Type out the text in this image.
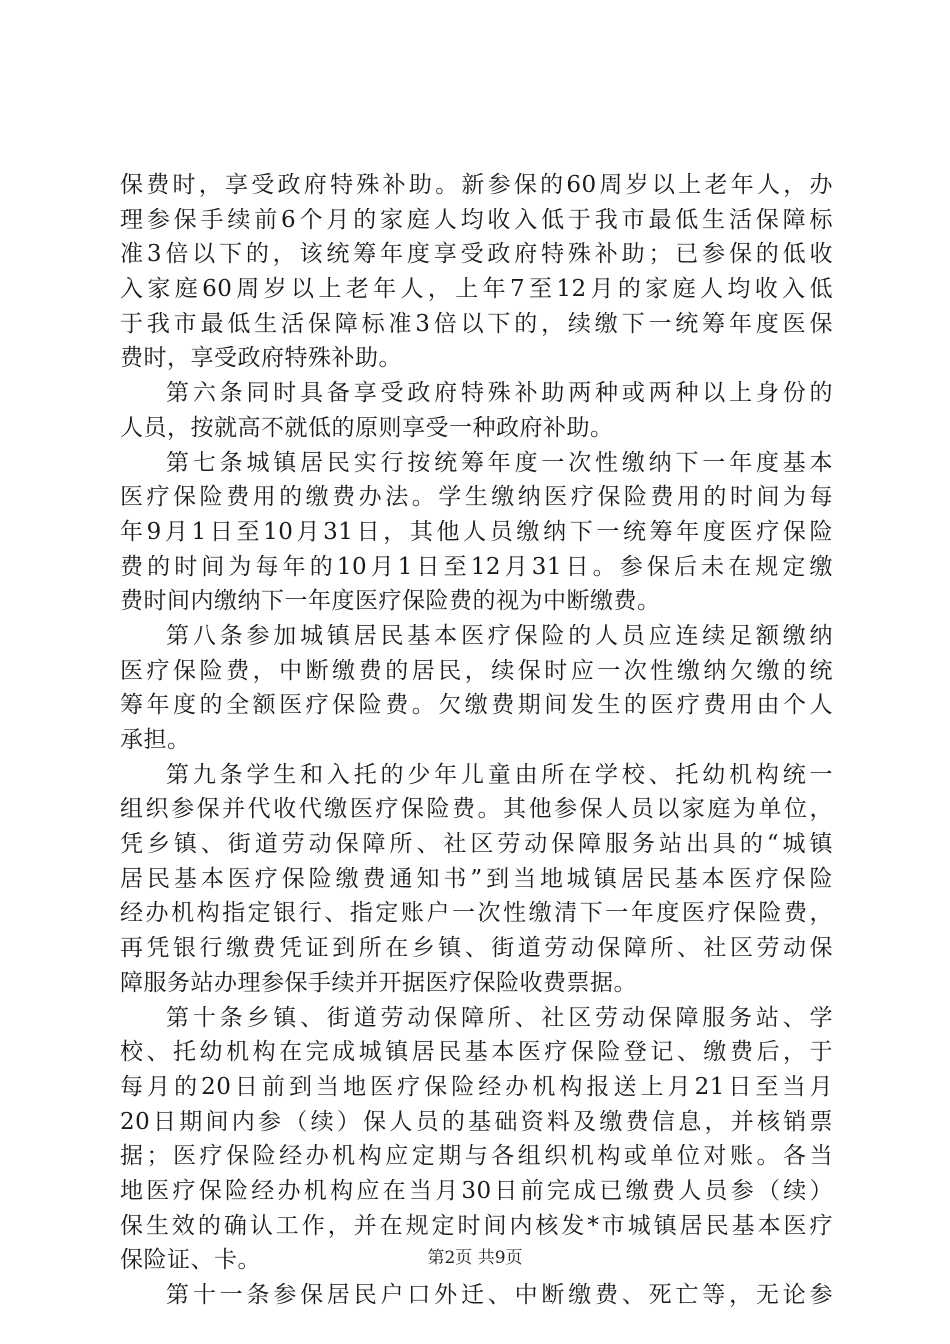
保费时，享受政府特殊补助。新参保的60周岁以上老年人，办
理参保手续前6个月的家庭人均收入低于我市最低生活保障标
准3倍以下的，该统筹年度享受政府特殊补助；已参保的低收
入家庭60周岁以上老年人，上年7至12月的家庭人均收入低
于我市最低生活保障标准3倍以下的，续缴下一统筹年度医保
费时，享受政府特殊补助。
第六条同时具备享受政府特殊补助两种或两种以上身份的
人员，按就高不就低的原则享受一种政府补助。
第七条城镇居民实行按统筹年度一次性缴纳下一年度基本
医疗保险费用的缴费办法。学生缴纳医疗保险费用的时间为每
年9月1日至10月31日，其他人员缴纳下一统筹年度医疗保险
费的时间为每年的10月1日至12月31日。参保后未在规定缴
费时间内缴纳下一年度医疗保险费的视为中断缴费。
第八条参加城镇居民基本医疗保险的人员应连续足额缴纳
医疗保险费，中断缴费的居民，续保时应一次性缴纳欠缴的统
筹年度的全额医疗保险费。欠缴费期间发生的医疗费用由个人
承担。
第九条学生和入托的少年儿童由所在学校、托幼机构统一
组织参保并代收代缴医疗保险费。其他参保人员以家庭为单位，
凭乡镇、街道劳动保障所、社区劳动保障服务站出具的“城镇
居民基本医疗保险缴费通知书”到当地城镇居民基本医疗保险
经办机构指定银行、指定账户一次性缴清下一年度医疗保险费，
再凭银行缴费凭证到所在乡镇、街道劳动保障所、社区劳动保
障服务站办理参保手续并开据医疗保险收费票据。
第十条乡镇、街道劳动保障所、社区劳动保障服务站、学
校、托幼机构在完成城镇居民基本医疗保险登记、缴费后，于
每月的20日前到当地医疗保险经办机构报送上月21日至当月
20日期间内参（续）保人员的基础资料及缴费信息，并核销票
据；医疗保险经办机构应定期与各组织机构或单位对账。各当
地医疗保险经办机构应在当月30日前完成已缴费人员参（续）
保生效的确认工作，并在规定时间内核发*市城镇居民基本医疗
保险证、卡。
第十一条参保居民户口外迁、中断缴费、死亡等，无论参
第2页 共9页
